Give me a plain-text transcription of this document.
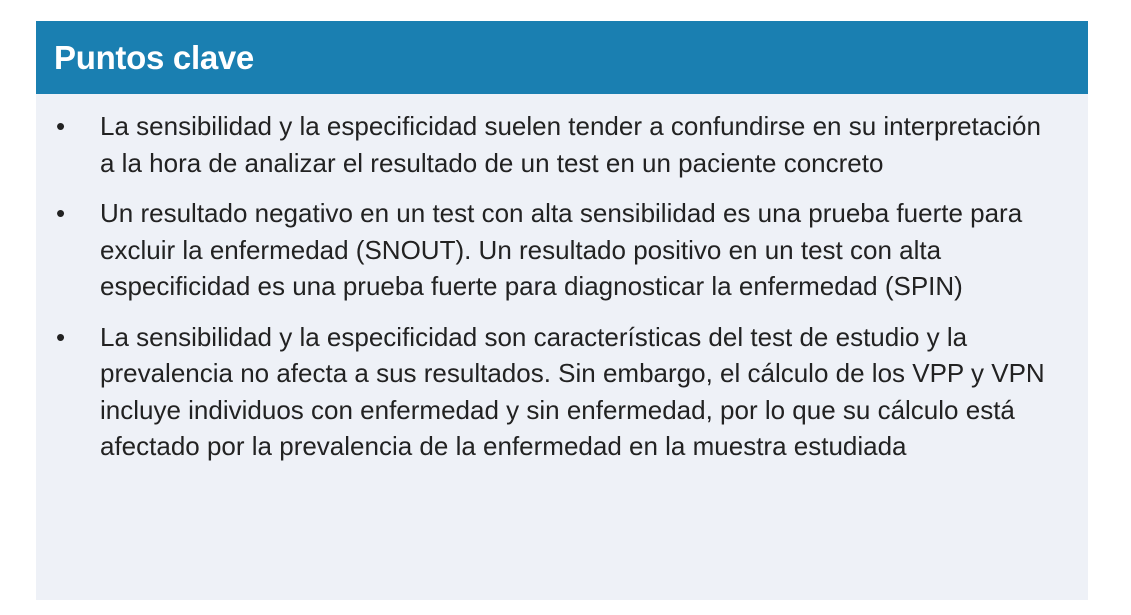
Puntos clave
• La sensibilidad y la especificidad suelen tender a confundirse en su interpretación a la hora de analizar el resultado de un test en un paciente concreto
• Un resultado negativo en un test con alta sensibilidad es una prueba fuerte para excluir la enfermedad (SNOUT). Un resultado positivo en un test con alta especificidad es una prueba fuerte para diagnosticar la enfermedad (SPIN)
• La sensibilidad y la especificidad son características del test de estudio y la prevalencia no afecta a sus resultados. Sin embargo, el cálculo de los VPP y VPN incluye individuos con enfermedad y sin enfermedad, por lo que su cálculo está afectado por la prevalencia de la enfermedad en la muestra estudiada
